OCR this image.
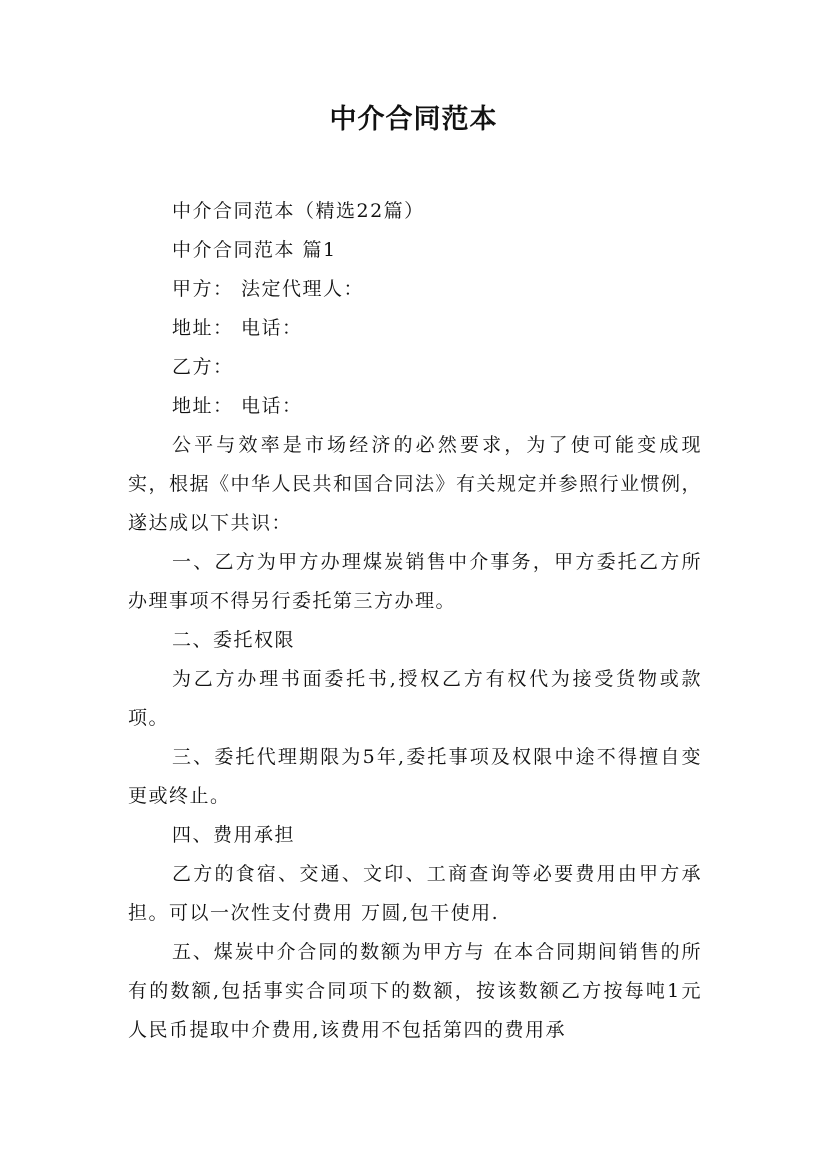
中介合同范本

中介合同范本（精选22篇）

中介合同范本 篇1

甲方： 法定代理人：

地址： 电话：

乙方：

地址： 电话：

公平与效率是市场经济的必然要求，为了使可能变成现实，根据《中华人民共和国合同法》有关规定并参照行业惯例，遂达成以下共识：

一、乙方为甲方办理煤炭销售中介事务，甲方委托乙方所办理事项不得另行委托第三方办理。

二、委托权限

为乙方办理书面委托书,授权乙方有权代为接受货物或款项。

三、委托代理期限为5年,委托事项及权限中途不得擅自变更或终止。

四、费用承担

乙方的食宿、交通、文印、工商查询等必要费用由甲方承担。可以一次性支付费用 万圆,包干使用.

五、煤炭中介合同的数额为甲方与 在本合同期间销售的所有的数额,包括事实合同项下的数额，按该数额乙方按每吨1元人民币提取中介费用,该费用不包括第四的费用承
